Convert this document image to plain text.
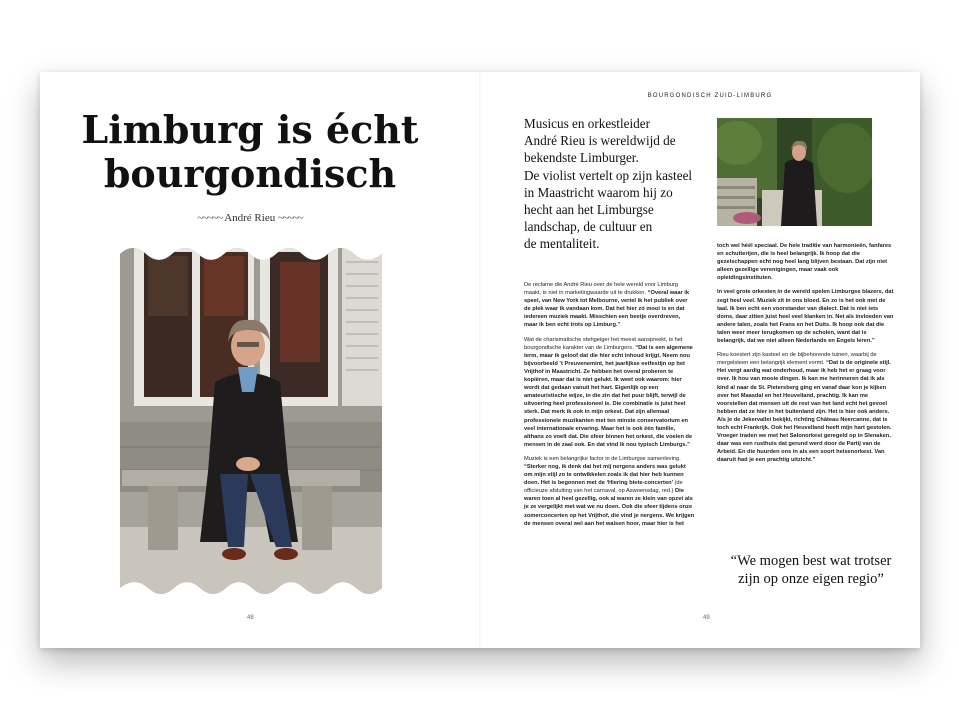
Limburg is écht
bourgondisch
~~~~~ André Rieu ~~~~~
48
BOURGONDISCH ZUID-LIMBURG
Musicus en orkestleider
André Rieu is wereldwijd de
bekendste Limburger.
De violist vertelt op zijn kasteel
in Maastricht waarom hij zo
hecht aan het Limburgse
landschap, de cultuur en
de mentaliteit.

De reclame die André Rieu over de hele wereld voor Limburg maakt, is niet in marketingwaarde uit te drukken. “Overal waar ik speel, van New York tot Melbourne, vertel ik het publiek over de plek waar ik vandaan kom. Dat het hier zó mooi is en dat iedereen muziek maakt. Misschien een beetje overdreven, maar ik ben echt trots op Limburg.”

Wat de charismatische stehgeiger het meest aanspreekt, is het bourgondische karakter van de Limburgers. “Dat is een algemene term, maar ik geloof dat die hier echt inhoud krijgt. Neem nou bijvoorbeeld ’t Preuvenemint, het jaarlijkse eetfestijn op het Vrijthof in Maastricht. Ze hebben het overal proberen te kopiëren, maar dat is niet gelukt. Ik weet ook waarom: hier wordt dat gedaan vanuit het hart. Eigenlijk op een amateuristische wijze, in die zin dat het puur blijft, terwijl de uitvoering heel professioneel is. Die combinatie is juist heel sterk. Dat merk ik ook in mijn orkest. Dat zijn allemaal professionele muzikanten met ten minste conservatorium en veel internationale ervaring. Maar het is ook één familie, althans zo voelt dat. Die sfeer binnen het orkest, die voelen de mensen in de zaal ook. En dat vind ik nou typisch Limburgs.”

Muziek is een belangrijke factor in de Limburgse samenleving. “Sterker nog, ik denk dat het mij nergens anders was gelukt om mijn stijl zo te ontwikkelen zoals ik dat hier heb kunnen doen. Het is begonnen met de ‘Hiering biete-concerten’ (de officieuze afsluiting van het carnaval, op Aswoensdag, red.) Die waren toen al heel gezellig, ook al waren ze klein van opzet als je ze vergelijkt met wat we nu doen. Ook die sfeer tijdens onze zomerconcerten op het Vrijthof, die vind je nergens. We krijgen de mensen overal wel aan het walsen hoor, maar hier is het

toch wel héél speciaal. De hele traditie van harmonieën, fanfares en schutterijen, die is heel belangrijk. Ik hoop dat die gezelschappen echt nog heel lang blijven bestaan. Dat zijn niet alleen gezellige verenigingen, maar vaak ook opleidingsinstituten.

In veel grote orkesten in de wereld spelen Limburgse blazers, dat zegt heel veel. Muziek zit in ons bloed. En zo is het ook met de taal. Ik ben echt een voorstander van dialect. Dat is niet iets doms, daar zitten juist heel veel klanken in. Net als invloeden van andere talen, zoals het Frans en het Duits. Ik hoop ook dat die talen weer meer terugkomen op de scholen, want dat is belangrijk, dat we niet alleen Nederlands en Engels leren.”

Rieu koestert zijn kasteel en de bijbehorende tuinen, waarbij de mergelsteen een belangrijk element vormt. “Dat is de originele stijl. Het vergt aardig wat onderhoud, maar ik heb het er graag voor over. Ik hou van mooie dingen. Ik kan me herinneren dat ik als kind al naar de St. Pietersberg ging en vanaf daar kon je kijken over het Maasdal en het Heuvelland, prachtig. Ik kan me voorstellen dat mensen uit de rest van het land echt het gevoel hebben dat ze hier in het buitenland zijn. Het is hier ook anders. Als je de Jekervallei bekijkt, richting Château Neercanne, dat is toch echt Frankrijk. Ook het Heuvelland heeft mijn hart gestolen. Vroeger traden we met het Salonorkest geregeld op in Slenaken, daar was een rusthuis dat gerund werd door de Partij van de Arbeid. En die huurden ons in als een soort heisenorkest. Van daaruit had je een prachtig uitzicht.”

“We mogen best wat trotser
zijn op onze eigen regio”
49
